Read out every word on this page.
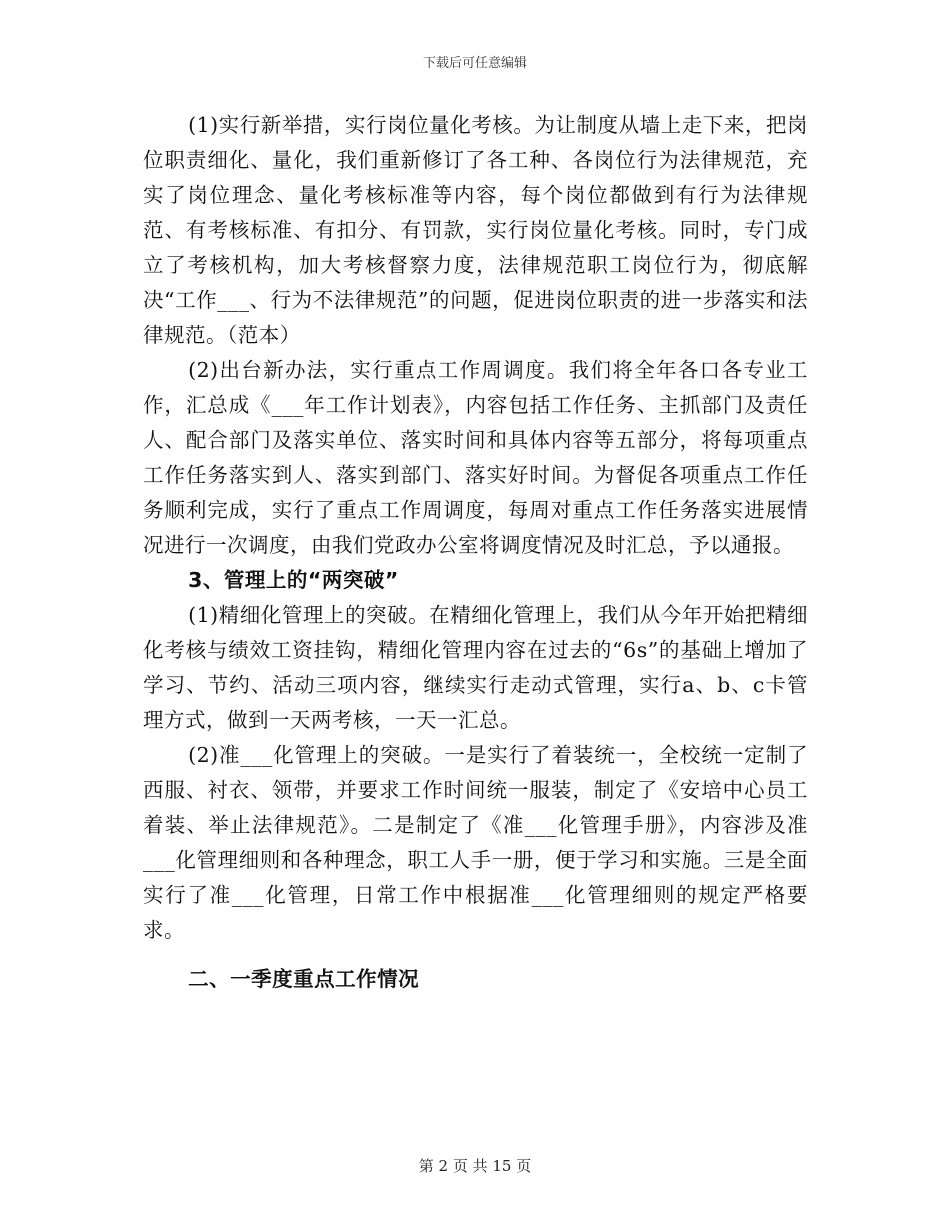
下载后可任意编辑

(1)实行新举措，实行岗位量化考核。为让制度从墙上走下来，把岗位职责细化、量化，我们重新修订了各工种、各岗位行为法律规范，充实了岗位理念、量化考核标准等内容，每个岗位都做到有行为法律规范、有考核标准、有扣分、有罚款，实行岗位量化考核。同时，专门成立了考核机构，加大考核督察力度，法律规范职工岗位行为，彻底解决“工作___、行为不法律规范”的问题，促进岗位职责的进一步落实和法律规范。（范本）

(2)出台新办法，实行重点工作周调度。我们将全年各口各专业工作，汇总成《___年工作计划表》，内容包括工作任务、主抓部门及责任人、配合部门及落实单位、落实时间和具体内容等五部分，将每项重点工作任务落实到人、落实到部门、落实好时间。为督促各项重点工作任务顺利完成，实行了重点工作周调度，每周对重点工作任务落实进展情况进行一次调度，由我们党政办公室将调度情况及时汇总，予以通报。

3、管理上的“两突破”

(1)精细化管理上的突破。在精细化管理上，我们从今年开始把精细化考核与绩效工资挂钩，精细化管理内容在过去的“6s”的基础上增加了学习、节约、活动三项内容，继续实行走动式管理，实行a、b、c卡管理方式，做到一天两考核，一天一汇总。

(2)准___化管理上的突破。一是实行了着装统一，全校统一定制了西服、衬衣、领带，并要求工作时间统一服装，制定了《安培中心员工着装、举止法律规范》。二是制定了《准___化管理手册》，内容涉及准___化管理细则和各种理念，职工人手一册，便于学习和实施。三是全面实行了准___化管理，日常工作中根据准___化管理细则的规定严格要求。

二、一季度重点工作情况

第 2 页 共 15 页
